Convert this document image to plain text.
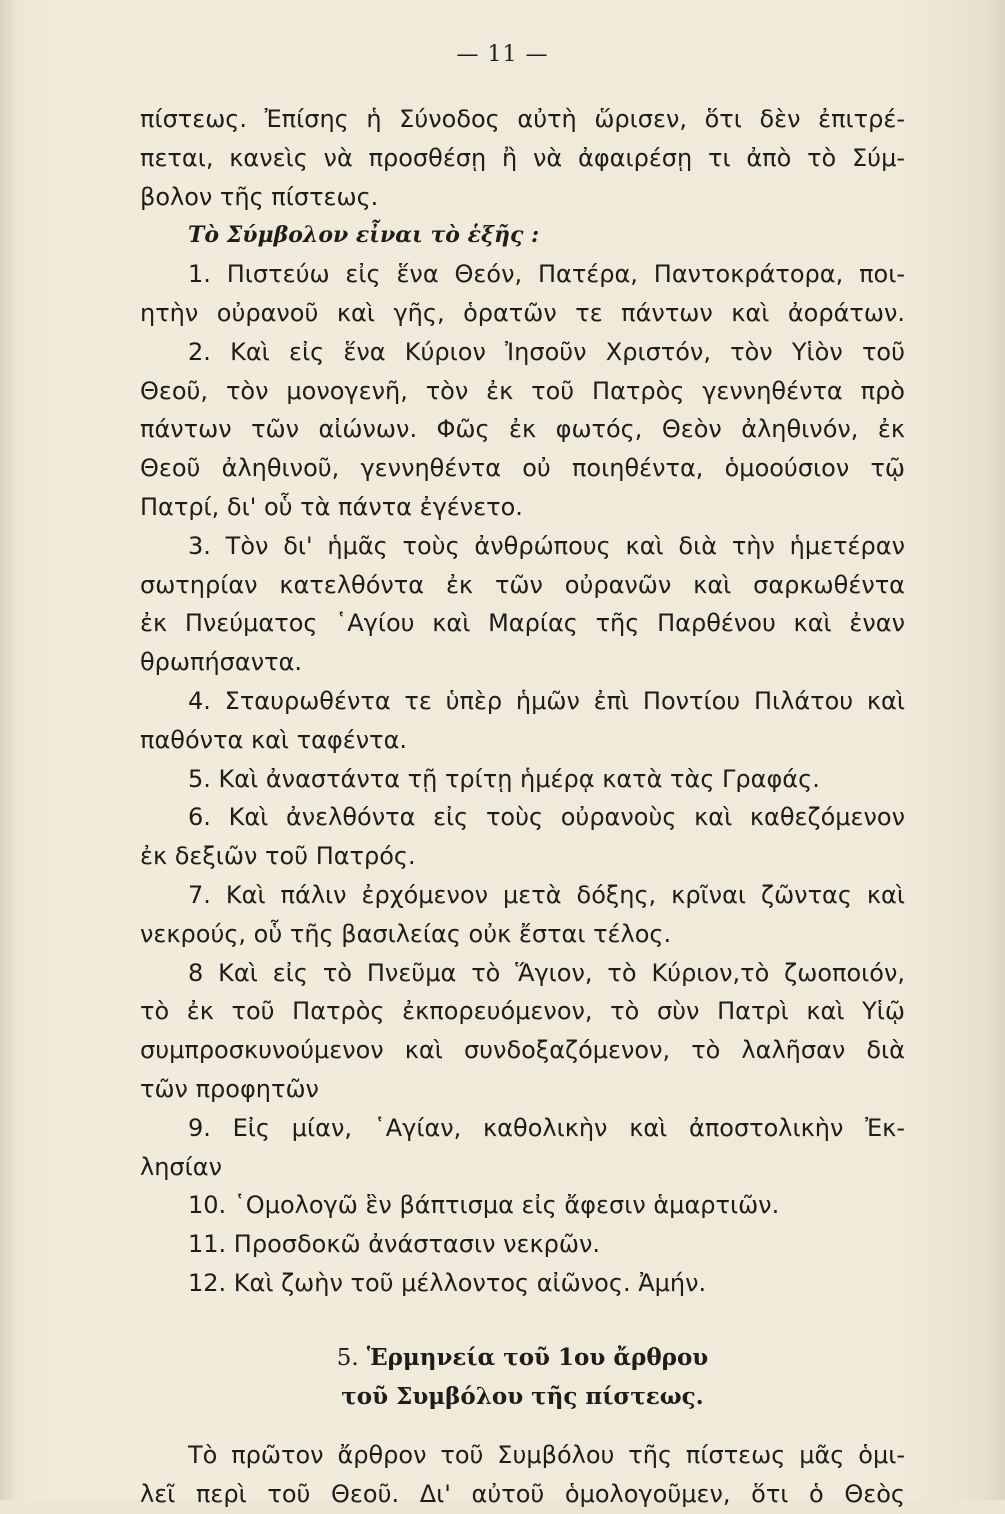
— 11 —
πίστεως. Ἐπίσης ἡ Σύνοδος αὐτὴ ὥρισεν, ὅτι δὲν ἐπιτρέ-
πεται, κανεὶς νὰ προσθέσῃ ἢ νὰ ἀφαιρέσῃ τι ἀπὸ τὸ Σύμ-
βολον τῆς πίστεως.
Τὸ Σύμβολον εἶναι τὸ ἑξῆς :
1. Πιστεύω εἰς ἕνα Θεόν, Πατέρα, Παντοκράτορα, ποι-
ητὴν οὐρανοῦ καὶ γῆς, ὁρατῶν τε πάντων καὶ ἀοράτων.
2. Καὶ εἰς ἕνα Κύριον Ἰησοῦν Χριστόν, τὸν Υἱὸν τοῦ
Θεοῦ, τὸν μονογενῆ, τὸν ἐκ τοῦ Πατρὸς γεννηθέντα πρὸ
πάντων τῶν αἰώνων. Φῶς ἐκ φωτός, Θεὸν ἀληθινόν, ἐκ
Θεοῦ ἀληθινοῦ, γεννηθέντα οὐ ποιηθέντα, ὁμοούσιον τῷ
Πατρί, δι' οὗ τὰ πάντα ἐγένετο.
3. Τὸν δι' ἡμᾶς τοὺς ἀνθρώπους καὶ διὰ τὴν ἡμετέραν
σωτηρίαν κατελθόντα ἐκ τῶν οὐρανῶν καὶ σαρκωθέντα
ἐκ Πνεύματος ῾Αγίου καὶ Μαρίας τῆς Παρθένου καὶ ἐναν
θρωπήσαντα.
4. Σταυρωθέντα τε ὑπὲρ ἡμῶν ἐπὶ Ποντίου Πιλάτου καὶ
παθόντα καὶ ταφέντα.
5. Καὶ ἀναστάντα τῇ τρίτῃ ἡμέρᾳ κατὰ τὰς Γραφάς.
6. Καὶ ἀνελθόντα εἰς τοὺς οὐρανοὺς καὶ καθεζόμενον
ἐκ δεξιῶν τοῦ Πατρός.
7. Καὶ πάλιν ἐρχόμενον μετὰ δόξης, κρῖναι ζῶντας καὶ
νεκρούς, οὗ τῆς βασιλείας οὐκ ἔσται τέλος.
8 Καὶ εἰς τὸ Πνεῦμα τὸ Ἅγιον, τὸ Κύριον,τὸ ζωοποιόν,
τὸ ἐκ τοῦ Πατρὸς ἐκπορευόμενον, τὸ σὺν Πατρὶ καὶ Υἱῷ
συμπροσκυνούμενον καὶ συνδοξαζόμενον, τὸ λαλῆσαν διὰ
τῶν προφητῶν
9. Εἰς μίαν, ῾Αγίαν, καθολικὴν καὶ ἀποστολικὴν Ἐκ-
λησίαν
10. ῾Ομολογῶ ἓν βάπτισμα εἰς ἄφεσιν ἁμαρτιῶν.
11. Προσδοκῶ ἀνάστασιν νεκρῶν.
12. Καὶ ζωὴν τοῦ μέλλοντος αἰῶνος. Ἀμήν.
5. Ἑρμηνεία τοῦ 1ου ἄρθρου
τοῦ Συμβόλου τῆς πίστεως.
Τὸ πρῶτον ἄρθρον τοῦ Συμβόλου τῆς πίστεως μᾶς ὁμι-
λεῖ περὶ τοῦ Θεοῦ. Δι' αὐτοῦ ὁμολογοῦμεν, ὅτι ὁ Θεὸς
